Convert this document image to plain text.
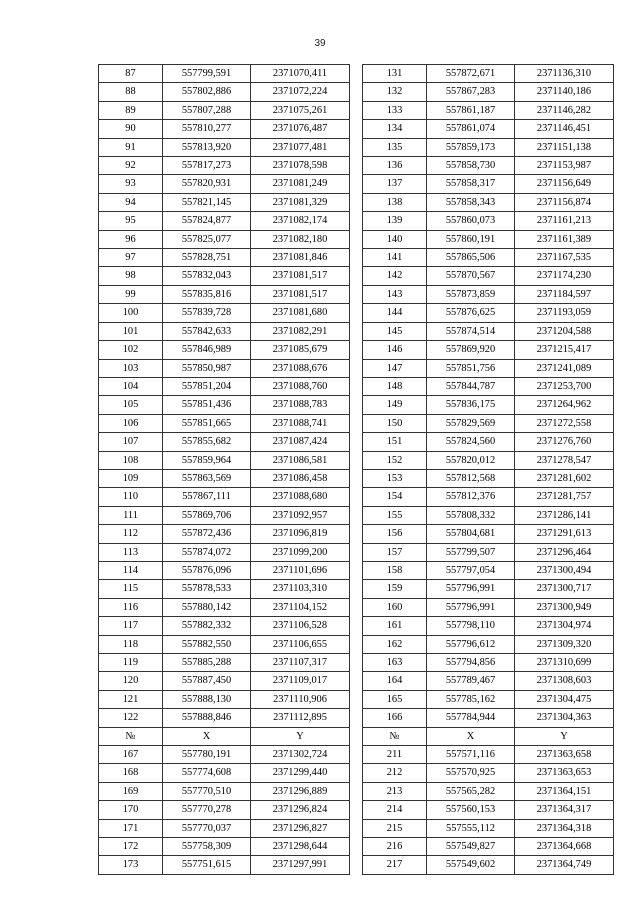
39
87	557799,591	2371070,411
88	557802,886	2371072,224
89	557807,288	2371075,261
90	557810,277	2371076,487
91	557813,920	2371077,481
92	557817,273	2371078,598
93	557820,931	2371081,249
94	557821,145	2371081,329
95	557824,877	2371082,174
96	557825,077	2371082,180
97	557828,751	2371081,846
98	557832,043	2371081,517
99	557835,816	2371081,517
100	557839,728	2371081,680
101	557842,633	2371082,291
102	557846,989	2371085,679
103	557850,987	2371088,676
104	557851,204	2371088,760
105	557851,436	2371088,783
106	557851,665	2371088,741
107	557855,682	2371087,424
108	557859,964	2371086,581
109	557863,569	2371086,458
110	557867,111	2371088,680
111	557869,706	2371092,957
112	557872,436	2371096,819
113	557874,072	2371099,200
114	557876,096	2371101,696
115	557878,533	2371103,310
116	557880,142	2371104,152
117	557882,332	2371106,528
118	557882,550	2371106,655
119	557885,288	2371107,317
120	557887,450	2371109,017
121	557888,130	2371110,906
122	557888,846	2371112,895
№	X	Y
167	557780,191	2371302,724
168	557774,608	2371299,440
169	557770,510	2371296,889
170	557770,278	2371296,824
171	557770,037	2371296,827
172	557758,309	2371298,644
173	557751,615	2371297,991
131	557872,671	2371136,310
132	557867,283	2371140,186
133	557861,187	2371146,282
134	557861,074	2371146,451
135	557859,173	2371151,138
136	557858,730	2371153,987
137	557858,317	2371156,649
138	557858,343	2371156,874
139	557860,073	2371161,213
140	557860,191	2371161,389
141	557865,506	2371167,535
142	557870,567	2371174,230
143	557873,859	2371184,597
144	557876,625	2371193,059
145	557874,514	2371204,588
146	557869,920	2371215,417
147	557851,756	2371241,089
148	557844,787	2371253,700
149	557836,175	2371264,962
150	557829,569	2371272,558
151	557824,560	2371276,760
152	557820,012	2371278,547
153	557812,568	2371281,602
154	557812,376	2371281,757
155	557808,332	2371286,141
156	557804,681	2371291,613
157	557799,507	2371296,464
158	557797,054	2371300,494
159	557796,991	2371300,717
160	557796,991	2371300,949
161	557798,110	2371304,974
162	557796,612	2371309,320
163	557794,856	2371310,699
164	557789,467	2371308,603
165	557785,162	2371304,475
166	557784,944	2371304,363
№	X	Y
211	557571,116	2371363,658
212	557570,925	2371363,653
213	557565,282	2371364,151
214	557560,153	2371364,317
215	557555,112	2371364,318
216	557549,827	2371364,668
217	557549,602	2371364,749
